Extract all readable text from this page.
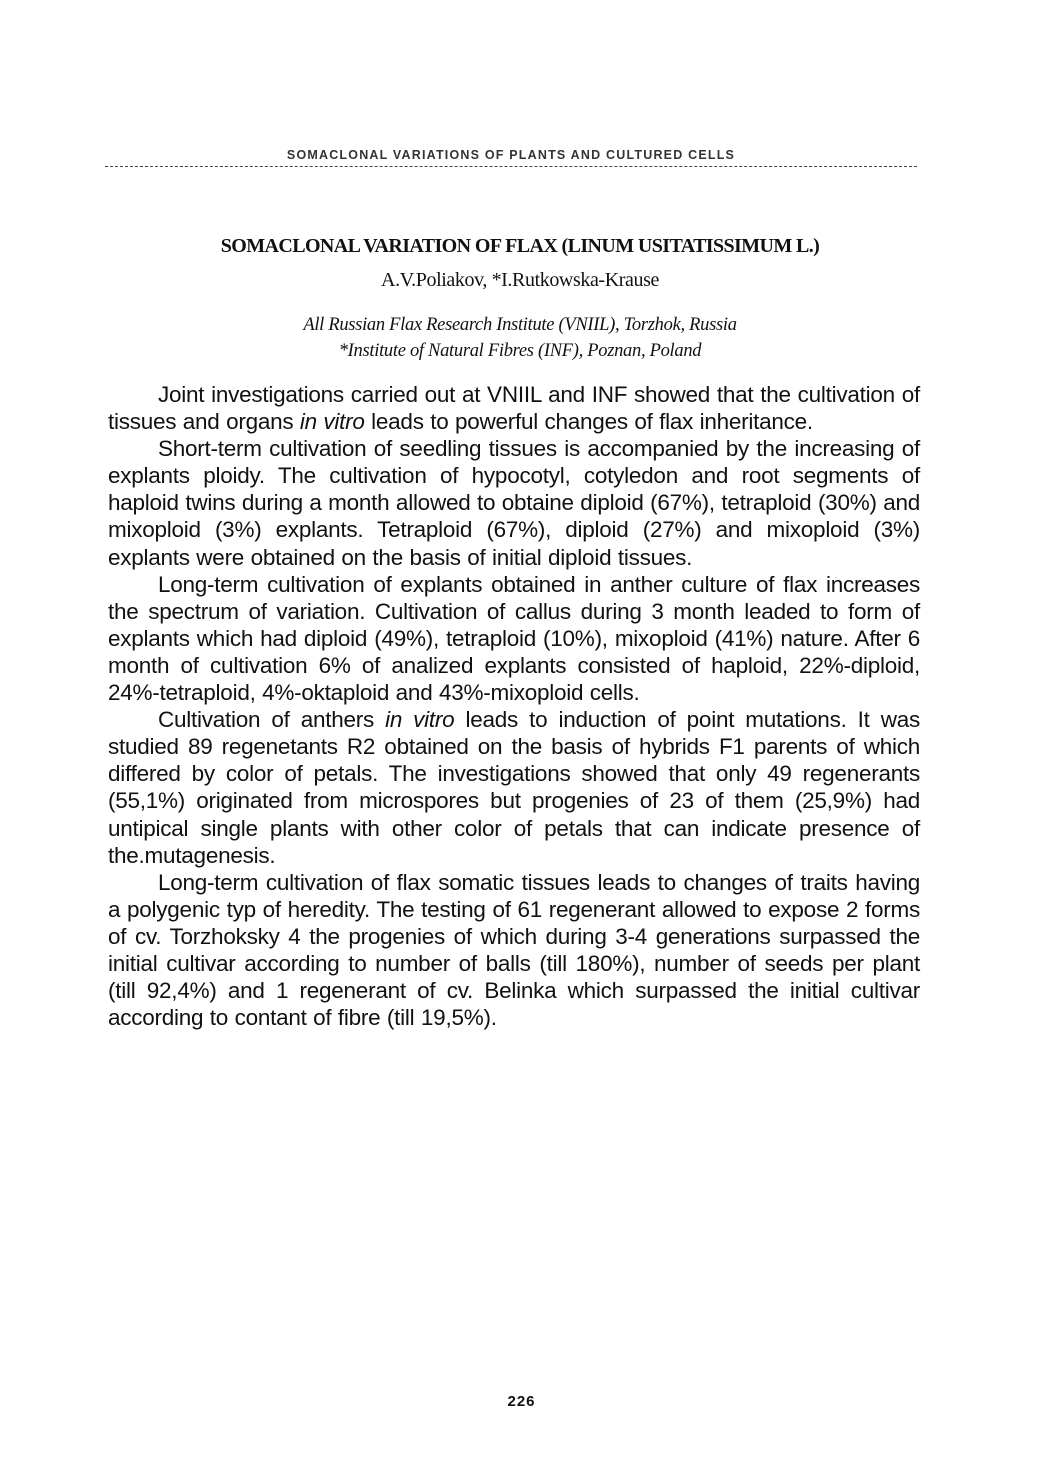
SOMACLONAL VARIATIONS OF PLANTS AND CULTURED CELLS
SOMACLONAL VARIATION OF FLAX (LINUM USITATISSIMUM L.)
A.V.Poliakov, *I.Rutkowska-Krause
All Russian Flax Research Institute (VNIIL), Torzhok, Russia
*Institute of Natural Fibres (INF), Poznan, Poland

Joint investigations carried out at VNIIL and INF showed that the cultivation of tissues and organs in vitro leads to powerful changes of flax inheritance.

Short-term cultivation of seedling tissues is accompanied by the increasing of explants ploidy. The cultivation of hypocotyl, cotyledon and root segments of haploid twins during a month allowed to obtaine diploid (67%), tetraploid (30%) and mixoploid (3%) explants. Tetraploid (67%), diploid (27%) and mixoploid (3%) explants were obtained on the basis of initial diploid tissues.

Long-term cultivation of explants obtained in anther culture of flax increases the spectrum of variation. Cultivation of callus during 3 month leaded to form of explants which had diploid (49%), tetraploid (10%), mixoploid (41%) nature. After 6 month of cultivation 6% of analized explants consisted of haploid, 22%-diploid, 24%-tetraploid, 4%-oktaploid and 43%-mixoploid cells.

Cultivation of anthers in vitro leads to induction of point mutations. It was studied 89 regenetants R2 obtained on the basis of hybrids F1 parents of which differed by color of petals. The investigations showed that only 49 regenerants (55,1%) originated from microspores but progenies of 23 of them (25,9%) had untipical single plants with other color of petals that can indicate presence of the.mutagenesis.

Long-term cultivation of flax somatic tissues leads to changes of traits having a polygenic typ of heredity. The testing of 61 regenerant allowed to expose 2 forms of cv. Torzhoksky 4 the progenies of which during 3-4 generations surpassed the initial cultivar according to number of balls (till 180%), number of seeds per plant (till 92,4%) and 1 regenerant of cv. Belinka which surpassed the initial cultivar according to contant of fibre (till 19,5%).

226
